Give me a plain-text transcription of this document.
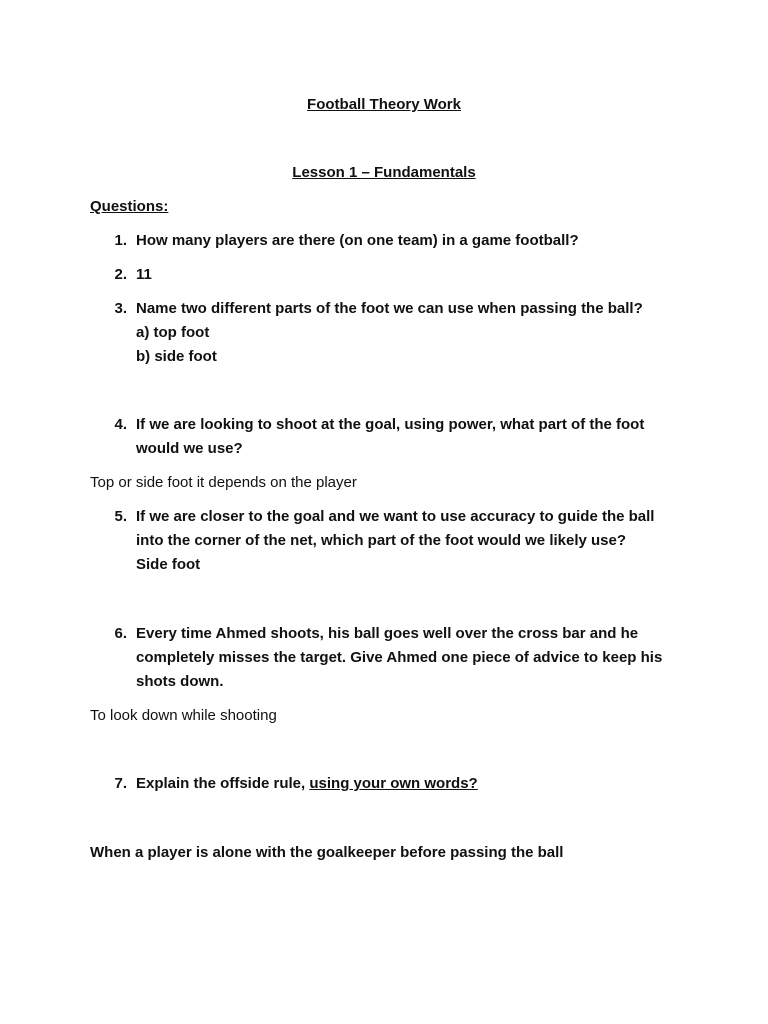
Football Theory Work
Lesson 1 – Fundamentals
Questions:
1. How many players are there (on one team) in a game football?
2. 11
3. Name two different parts of the foot we can use when passing the ball?
a) top foot
b) side foot
4. If we are looking to shoot at the goal, using power, what part of the foot
would we use?
Top or side foot it depends on the player
5. If we are closer to the goal and we want to use accuracy to guide the ball
into the corner of the net, which part of the foot would we likely use?
Side foot
6. Every time Ahmed shoots, his ball goes well over the cross bar and he
completely misses the target. Give Ahmed one piece of advice to keep his
shots down.
To look down while shooting
7. Explain the offside rule, using your own words?
When a player is alone with the goalkeeper before passing the ball
